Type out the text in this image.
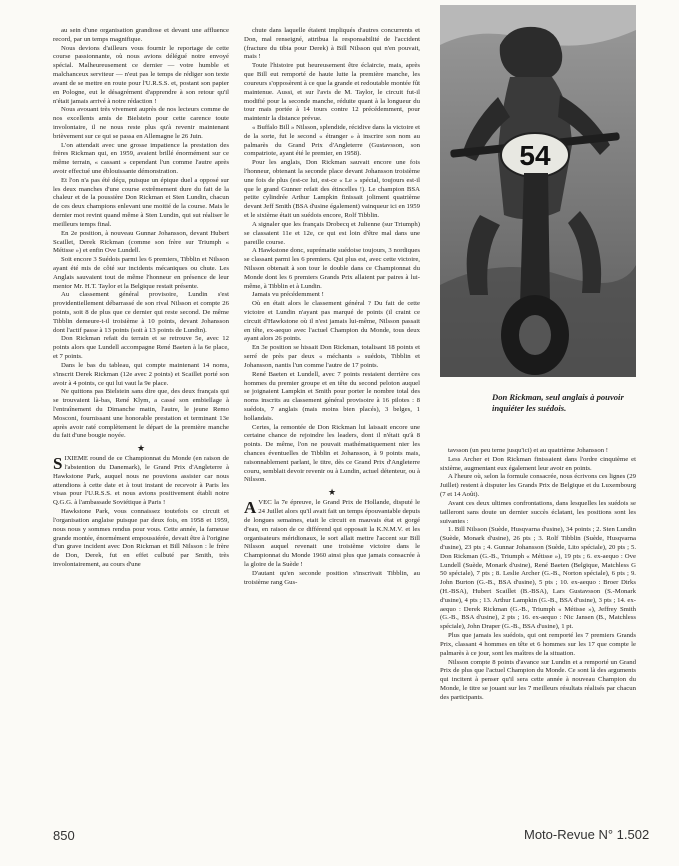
au sein d'une organisation grandiose et devant une affluence record, par un temps magnifique.

Nous devions d'ailleurs vous fournir le reportage de cette course passionnante, où nous avions délégué notre envoyé spécial. Malheureusement ce dernier — votre humble et malchanceux serviteur — n'eut pas le temps de rédiger son texte avant de se mettre en route pour l'U.R.S.S. et, postant son papier en Pologne, eut le désagrément d'apprendre à son retour qu'il n'était jamais arrivé à notre rédaction !

Nous avouant très vivement auprès de nos lecteurs comme de nos excellents amis de Bielstein pour cette carence toute involontaire, il ne nous reste plus qu'à revenir maintenant brièvement sur ce qui se passa en Allemagne le 26 Juin.

L'on attendait avec une grosse impatience la prestation des frères Rickman qui, en 1959, avaient brillé énormément sur ce même terrain, « cassant » cependant l'un comme l'autre après avoir effectué une éblouissante démonstration.

Et l'on n'a pas été déçu, puisque un épique duel a opposé sur les deux manches d'une course extrêmement dure du fait de la chaleur et de la poussière Don Rickman et Sten Lundin, chacun de ces deux champions enlevant une moitié de la course. Mais le dernier mot revint quand même à Sten Lundin, qui sut réaliser le meilleurs temps final.

En 2e position, à nouveau Gunnar Johansson, devant Hubert Scaillet, Derek Rickman (comme son frère sur Triumph « Métisse ») et enfin Ove Lundell.

Soit encore 3 Suédois parmi les 6 premiers, Tibblin et Nilsson ayant été mis de côté sur incidents mécaniques ou chute. Les Anglais sauvaient tout de même l'honneur en présence de leur mentor Mr. H.T. Taylor et la Belgique restait présente.

Au classement général provisoire, Lundin s'est providentiellement débarrassé de son rival Nilsson et compte 26 points, soit 8 de plus que ce dernier qui reste second. De même Tibblin demeure-t-il troisième à 10 points, devant Johansson dont l'actif passe à 13 points (soit à 13 points de Lundin).

Don Rickman refait du terrain et se retrouve 5e, avec 12 points alors que Lundell accompagne René Baeten à la 6e place, et 7 points.

Dans le bas du tableau, qui compte maintenant 14 noms, s'inscrit Derek Rickman (12e avec 2 points) et Scaillet porté son avoir à 4 points, ce qui lui vaut la 9e place.

Ne quittons pas Bielstein sans dire que, des deux français qui se trouvaient là-bas, René Klym, a cassé son embiellage à l'entraînement du Dimanche matin, l'autre, le jeune Remo Mosconi, fournissant une honorable prestation et terminant 13e après avoir raté complètement le départ de la première manche du fait d'une bougie noyée.

★

SIXIEME round de ce Championnat du Monde (en raison de l'abstention du Danemark), le Grand Prix d'Angleterre à Hawkstone Park, auquel nous ne pouvions assister car nous attendions à cette date et à tout instant de recevoir à Paris les visas pour l'U.R.S.S. et nous avions positivement établi notre Q.G.G. à l'ambassade Soviétique à Paris !

Hawkstone Park, vous connaissez toutefois ce circuit et l'organisation anglaise puisque par deux fois, en 1958 et 1959, nous nous y sommes rendus pour vous. Cette année, la fameuse grande montée, énormément empoussiérée, devait être à l'origine d'un grave incident avec Don Rickman et Bill Nilsson : le frère de Don, Derek, fut en effet culbuté par Smith, très involontairement, au cours d'une

chute dans laquelle étaient impliqués d'autres concurrents et Don, mal renseigné, attribua la responsabilité de l'accident (fracture du tibia pour Derek) à Bill Nilsson qui n'en pouvait, mais !

Toute l'histoire put heureusement être éclaircie, mais, après que Bill eut remporté de haute lutte la première manche, les coureurs s'opposèrent à ce que la grande et redoutable montée fût maintenue. Aussi, et sur l'avis de M. Taylor, le circuit fut-il modifié pour la seconde manche, réduite quant à la longueur du tour mais portée à 14 tours contre 12 précédemment, pour maintenir la distance prévue.

« Buffalo Bill » Nilsson, splendide, récidive dans la victoire et de la sorte, fut le second « étranger » à inscrire son nom au palmarès du Grand Prix d'Angleterre (Gustavsson, son compatriote, ayant été le premier, en 1958).

Pour les anglais, Don Rickman sauvait encore une fois l'honneur, obtenant la seconde place devant Johansson troisième une fois de plus (est-ce lui, est-ce « Le » spécial, toujours est-il que le grand Gunner refait des étincelles !). Le champion BSA petite cylindrée Arthur Lampkin finissait joliment quatrième devant Jeff Smith (BSA d'usine également) vainqueur ici en 1959 et le sixième était un suédois encore, Rolf Tibblin.

A signaler que les français Drobecq et Julienne (sur Triumph) se classaient 11e et 12e, ce qui est loin d'être mal dans une pareille course.

A Hawkstone donc, suprématie suédoise toujours, 3 nordiques se classant parmi les 6 premiers. Qui plus est, avec cette victoire, Nilsson obtenait à son tour le double dans ce Championnat du Monde dont les 6 premiers Grands Prix allaient par paires à lui-même, à Tibblin et à Lundin.

Jamais vu précédemment !

Où en était alors le classement général ? Du fait de cette victoire et Lundin n'ayant pas marqué de points (il craint ce circuit d'Hawkstone où il n'est jamais lui-même, Nilsson passait en tête, ex-aequo avec l'actuel Champion du Monde, tous deux ayant alors 26 points.

En 3e position se hissait Don Rickman, totalisant 18 points et serré de près par deux « méchants » suédois, Tibblin et Johansson, nantis l'un comme l'autre de 17 points.

René Baeten et Lundell, avec 7 points restaient derrière ces hommes du premier groupe et en tête du second peloton auquel se joignaient Lampkin et Smith pour porter le nombre total des noms inscrits au classement général provisoire à 16 pilotes : 8 suédois, 7 anglais (mais moins bien placés), 3 belges, 1 hollandais.

Certes, la remontée de Don Rickman lui laissait encore une certaine chance de rejoindre les leaders, dont il n'était qu'à 8 points. De même, l'on ne pouvait mathématiquement nier les chances éventuelles de Tibblin et Johansson, à 9 points mais, raisonnablement parlant, le titre, dès ce Grand Prix d'Angleterre couru, semblait devoir revenir ou à Lundin, actuel détenteur, ou à Nilsson.

★

AVEC la 7e épreuve, le Grand Prix de Hollande, disputé le 24 Juillet alors qu'il avait fait un temps épouvantable depuis de longues semaines, etait le circuit en mauvais état et gorgé d'eau, en raison de ce différend qui opposait la K.N.M.V. et les organisateurs méridionaux, le sort allait mettre l'accent sur Bill Nilsson auquel revenait une troisième victoire dans le Championnat du Monde 1960 ainsi plus que jamais consacrée à la gloire de la Suède !

D'autant qu'en seconde position s'inscrivait Tibblin, au troisième rang Gus-

54
Don Rickman, seul anglais à pouvoir inquiéter les suédois.

tavsson (un peu terne jusqu'ici) et au quatrième Johansson !

Less Archer et Don Rickman finissaient dans l'ordre cinquième et sixième, augmentant eux également leur avoir en points.

A l'heure où, selon la formule consacrée, nous écrivons ces lignes (29 Juillet) restent à disputer les Grands Prix de Belgique et du Luxembourg (7 et 14 Août).

Avant ces deux ultimes confrontations, dans lesquelles les suédois se tailleront sans doute un dernier succès éclatant, les positions sont les suivantes :

1. Bill Nilsson (Suède, Husqvarna d'usine), 34 points ; 2. Sten Lundin (Suède, Monark d'usine), 26 pts ; 3. Rolf Tibblin (Suède, Husqvarna d'usine), 23 pts ; 4. Gunnar Johansson (Suède, Lito spéciale), 20 pts ; 5. Don Rickman (G.-B., Triumph « Métisse »), 19 pts ; 6. ex-aequo : Ove Lundell (Suède, Monark d'usine), René Baeten (Belgique, Matchless G 50 spéciale), 7 pts ; 8. Leslie Archer (G.-B., Norton spéciale), 6 pts ; 9. John Burton (G.-B., BSA d'usine), 5 pts ; 10. ex-aequo : Broer Dirks (H.-BSA), Hubert Scaillet (B.-BSA), Lars Gustavsson (S.-Monark d'usine), 4 pts ; 13. Arthur Lampkin (G.-B., BSA d'usine), 3 pts ; 14. ex-aequo : Derek Rickman (G.-B., Triumph « Métisse »), Jeffrey Smith (G.-B., BSA d'usine), 2 pts ; 16. ex-aequo : Nic Jansen (B., Matchless spéciale), John Draper (G.-B., BSA d'usine), 1 pt.

Plus que jamais les suédois, qui ont remporté les 7 premiers Grands Prix, classant 4 hommes en tête et 6 hommes sur les 17 que compte le palmarès à ce jour, sont les maîtres de la situation.

Nilsson compte 8 points d'avance sur Lundin et a remporté un Grand Prix de plus que l'actuel Champion du Monde. Ce sont là des arguments qui incitent à penser qu'il sera cette année à nouveau Champion du Monde, le titre se jouant sur les 7 meilleurs résultats réalisés par chacun des participants.

850	Moto-Revue N° 1.502
